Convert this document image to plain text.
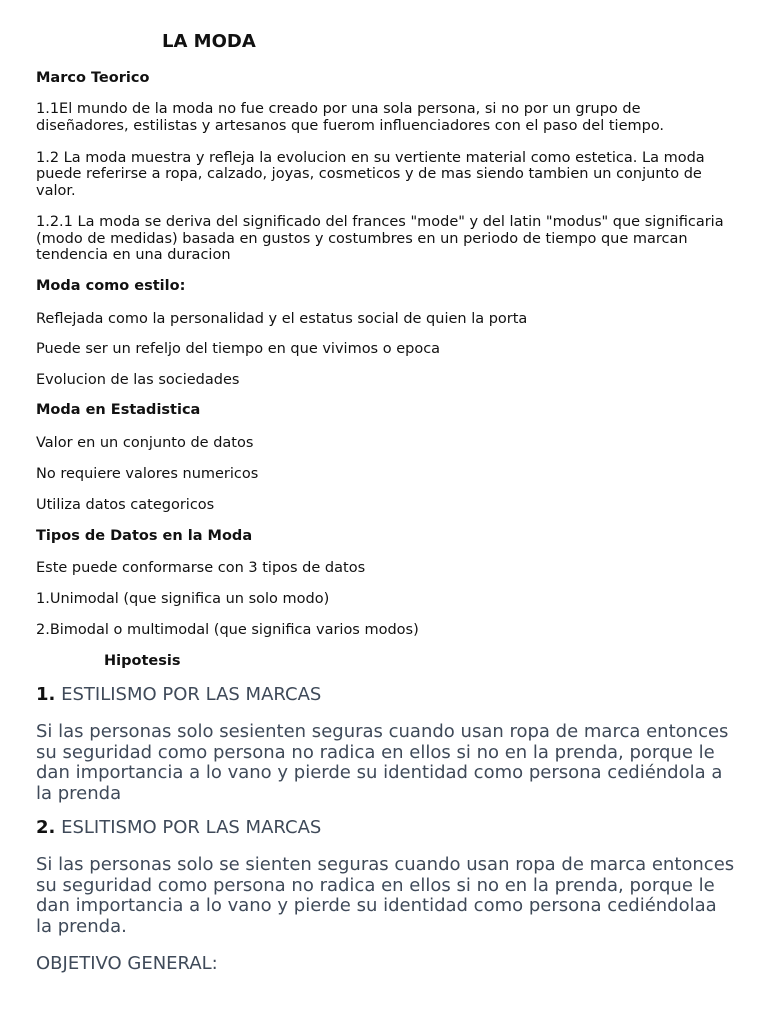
LA MODA
Marco Teorico
1.1El mundo de la moda no fue creado por una sola persona, si no por un grupo de
diseñadores, estilistas y artesanos que fuerom influenciadores con el paso del tiempo.
1.2 La moda muestra y refleja la evolucion en su vertiente material como estetica. La moda
puede referirse a ropa, calzado, joyas, cosmeticos y de mas siendo tambien un conjunto de
valor.
1.2.1 La moda se deriva del significado del frances "mode" y del latin "modus" que significaria
(modo de medidas) basada en gustos y costumbres en un periodo de tiempo que marcan
tendencia en una duracion
Moda como estilo:
Reflejada como la personalidad y el estatus social de quien la porta
Puede ser un refeljo del tiempo en que vivimos o epoca
Evolucion de las sociedades
Moda en Estadistica
Valor en un conjunto de datos
No requiere valores numericos
Utiliza datos categoricos
Tipos de Datos en la Moda
Este puede conformarse con 3 tipos de datos
1.Unimodal (que significa un solo modo)
2.Bimodal o multimodal (que significa varios modos)
Hipotesis
1. ESTILISMO POR LAS MARCAS
Si las personas solo sesienten seguras cuando usan ropa de marca entonces
su seguridad como persona no radica en ellos si no en la prenda, porque le
dan importancia a lo vano y pierde su identidad como persona cediéndola a
la prenda
2. ESLITISMO POR LAS MARCAS
Si las personas solo se sienten seguras cuando usan ropa de marca entonces
su seguridad como persona no radica en ellos si no en la prenda, porque le
dan importancia a lo vano y pierde su identidad como persona cediéndolaa
la prenda.
OBJETIVO GENERAL:
